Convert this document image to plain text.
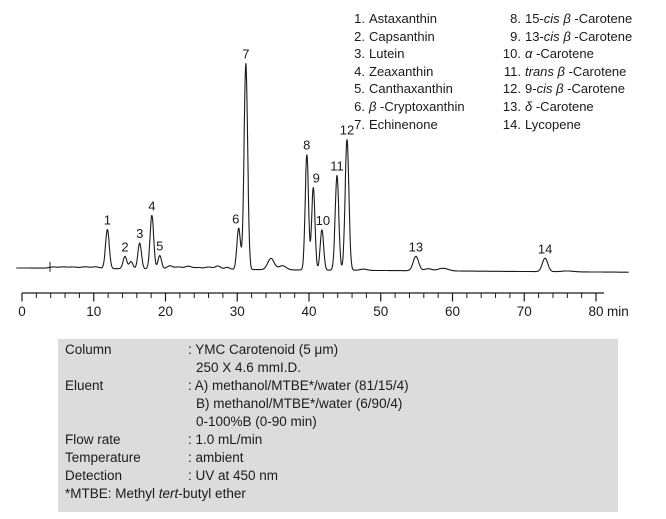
0	10	20	30	40	50	60	70	80 min
1
2
3
4
5
6
7
8
9
10
11
12
13	14
1. Astaxanthin
2. Capsanthin
3. Lutein
4. Zeaxanthin
5. Canthaxanthin
6. β -Cryptoxanthin
7. Echinenone
8. 15-cis β -Carotene
9. 13-cis β -Carotene
10. α -Carotene
11. trans β -Carotene
12. 9-cis β -Carotene
13. δ -Carotene
14. Lycopene
Column	: YMC Carotenoid (5 μm)
250 X 4.6 mmI.D.
Eluent	: A) methanol/MTBE*/water (81/15/4)
B) methanol/MTBE*/water (6/90/4)
0-100%B (0-90 min)
Flow rate	: 1.0 mL/min
Temperature	: ambient
Detection	: UV at 450 nm
*MTBE: Methyl tert -butyl ether
